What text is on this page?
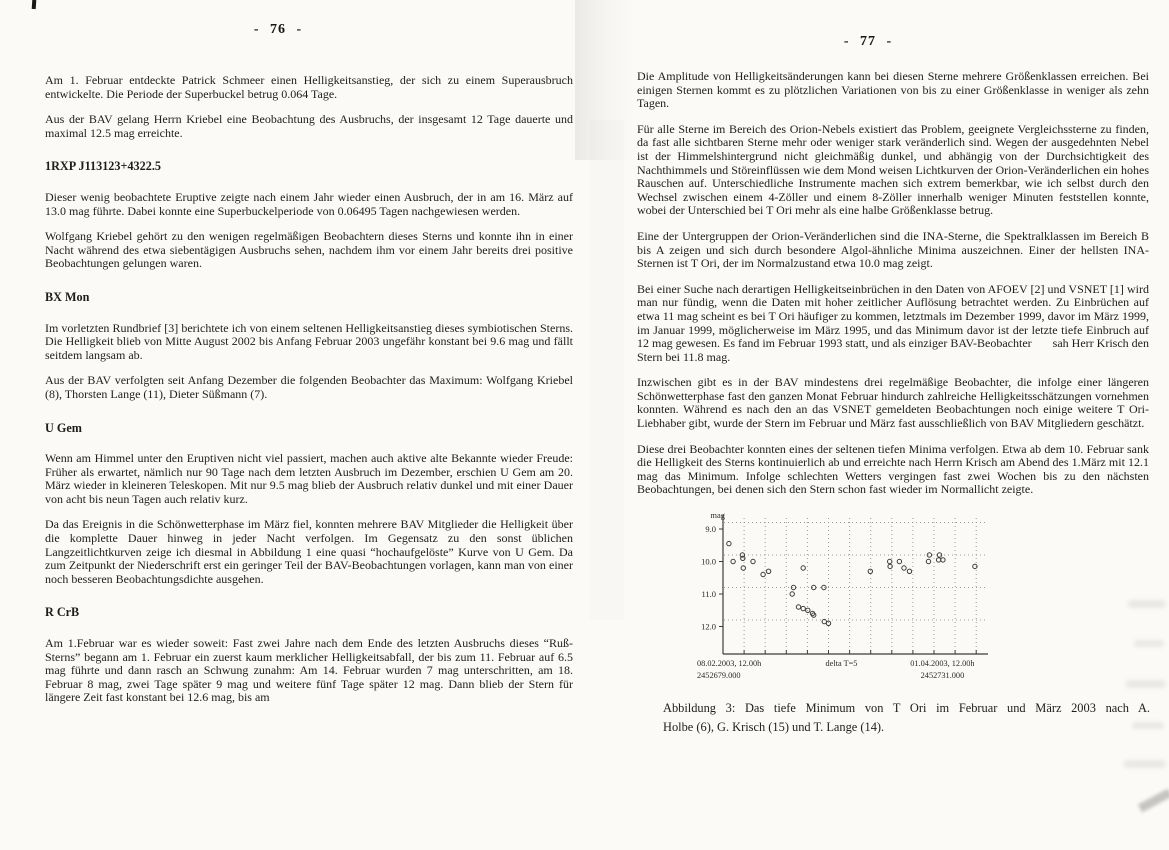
- 76 -
- 77 -

Am 1. Februar entdeckte Patrick Schmeer einen Helligkeitsanstieg, der sich zu einem Superausbruch entwickelte. Die Periode der Superbuckel betrug 0.064 Tage.

Aus der BAV gelang Herrn Kriebel eine Beobachtung des Ausbruchs, der insgesamt 12 Tage dauerte und maximal 12.5 mag erreichte.

1RXP J113123+4322.5

Dieser wenig beobachtete Eruptive zeigte nach einem Jahr wieder einen Ausbruch, der in am 16. März auf 13.0 mag führte. Dabei konnte eine Superbuckelperiode von 0.06495 Tagen nachgewiesen werden.

Wolfgang Kriebel gehört zu den wenigen regelmäßigen Beobachtern dieses Sterns und konnte ihn in einer Nacht während des etwa siebentägigen Ausbruchs sehen, nachdem ihm vor einem Jahr bereits drei positive Beobachtungen gelungen waren.

BX Mon

Im vorletzten Rundbrief [3] berichtete ich von einem seltenen Helligkeitsanstieg dieses symbiotischen Sterns. Die Helligkeit blieb von Mitte August 2002 bis Anfang Februar 2003 ungefähr konstant bei 9.6 mag und fällt seitdem langsam ab.

Aus der BAV verfolgten seit Anfang Dezember die folgenden Beobachter das Maximum: Wolfgang Kriebel (8), Thorsten Lange (11), Dieter Süßmann (7).

U Gem

Wenn am Himmel unter den Eruptiven nicht viel passiert, machen auch aktive alte Bekannte wieder Freude: Früher als erwartet, nämlich nur 90 Tage nach dem letzten Ausbruch im Dezember, erschien U Gem am 20. März wieder in kleineren Teleskopen. Mit nur 9.5 mag blieb der Ausbruch relativ dunkel und mit einer Dauer von acht bis neun Tagen auch relativ kurz.

Da das Ereignis in die Schönwetterphase im März fiel, konnten mehrere BAV Mitglieder die Helligkeit über die komplette Dauer hinweg in jeder Nacht verfolgen. Im Gegensatz zu den sonst üblichen Langzeitlichtkurven zeige ich diesmal in Abbildung 1 eine quasi “hochaufgelöste” Kurve von U Gem. Da zum Zeitpunkt der Niederschrift erst ein geringer Teil der BAV-Beobachtungen vorlagen, kann man von einer noch besseren Beobachtungsdichte ausgehen.

R CrB

Am 1.Februar war es wieder soweit: Fast zwei Jahre nach dem Ende des letzten Ausbruchs dieses “Ruß-Sterns” begann am 1. Februar ein zuerst kaum merklicher Helligkeitsabfall, der bis zum 11. Februar auf 6.5 mag führte und dann rasch an Schwung zunahm: Am 14. Februar wurden 7 mag unterschritten, am 18. Februar 8 mag, zwei Tage später 9 mag und weitere fünf Tage später 12 mag. Dann blieb der Stern für längere Zeit fast konstant bei 12.6 mag, bis am

Die Amplitude von Helligkeitsänderungen kann bei diesen Sterne mehrere Größenklassen erreichen. Bei einigen Sternen kommt es zu plötzlichen Variationen von bis zu einer Größenklasse in weniger als zehn Tagen.

Für alle Sterne im Bereich des Orion-Nebels existiert das Problem, geeignete Vergleichssterne zu finden, da fast alle sichtbaren Sterne mehr oder weniger stark veränderlich sind. Wegen der ausgedehnten Nebel ist der Himmelshintergrund nicht gleichmäßig dunkel, und abhängig von der Durchsichtigkeit des Nachthimmels und Störeinflüssen wie dem Mond weisen Lichtkurven der Orion-Veränderlichen ein hohes Rauschen auf. Unterschiedliche Instrumente machen sich extrem bemerkbar, wie ich selbst durch den Wechsel zwischen einem 4-Zöller und einem 8-Zöller innerhalb weniger Minuten feststellen konnte, wobei der Unterschied bei T Ori mehr als eine halbe Größenklasse betrug.

Eine der Untergruppen der Orion-Veränderlichen sind die INA-Sterne, die Spektralklassen im Bereich B bis A zeigen und sich durch besondere Algol-ähnliche Minima auszeichnen. Einer der hellsten INA-Sternen ist T Ori, der im Normalzustand etwa 10.0 mag zeigt.

Bei einer Suche nach derartigen Helligkeitseinbrüchen in den Daten von AFOEV [2] und VSNET [1] wird man nur fündig, wenn die Daten mit hoher zeitlicher Auflösung betrachtet werden. Zu Einbrüchen auf etwa 11 mag scheint es bei T Ori häufiger zu kommen, letztmals im Dezember 1999, davor im März 1999, im Januar 1999, möglicherweise im März 1995, und das Minimum davor ist der letzte tiefe Einbruch auf 12 mag gewesen. Es fand im Februar 1993 statt, und als einziger BAV-Beobachter       sah Herr Krisch den Stern bei 11.8 mag.

Inzwischen gibt es in der BAV mindestens drei regelmäßige Beobachter, die infolge einer längeren Schönwetterphase fast den ganzen Monat Februar hindurch zahlreiche Helligkeitsschätzungen vornehmen konnten. Während es nach den an das VSNET gemeldeten Beobachtungen noch einige weitere T Ori-Liebhaber gibt, wurde der Stern im Februar und März fast ausschließlich von BAV Mitgliedern geschätzt.

Diese drei Beobachter konnten eines der seltenen tiefen Minima verfolgen. Etwa ab dem 10. Februar sank die Helligkeit des Sterns kontinuierlich ab und erreichte nach Herrn Krisch am Abend des 1.März mit 12.1 mag das Minimum. Infolge schlechten Wetters vergingen fast zwei Wochen bis zu den nächsten Beobachtungen, bei denen sich den Stern schon fast wieder im Normallicht zeigte.

9.0
10.0
11.0
12.0
mag
08.02.2003, 12.00h
2452679.000
delta T=5	01.04.2003, 12.00h
2452731.000
Abbildung 3: Das tiefe Minimum von T Ori im Februar und März 2003 nach A.
Holbe (6), G. Krisch (15) und T. Lange (14).
